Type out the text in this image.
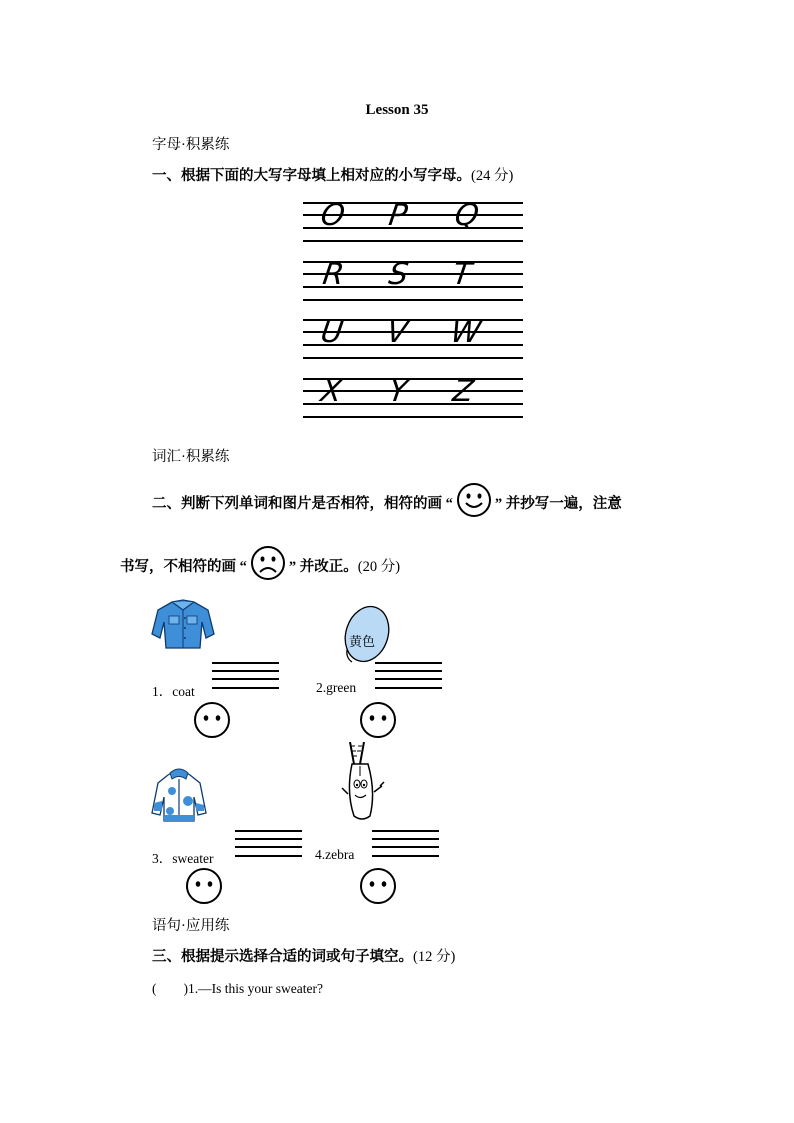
Lesson 35
字母·积累练
一、根据下面的大写字母填上相对应的小写字母。(24 分)
O P Q
R S T
U V W
X Y Z
词汇·积累练
二、判断下列单词和图片是否相符，相符的画 “	” 并抄写一遍，注意
书写，不相符的画 “	” 并改正。(20 分)
1．coat
黄色
2.green
3．sweater	4.zebra
语句·应用练
三、根据提示选择合适的词或句子填空。(12 分)
(　　)1.—Is this your sweater?
